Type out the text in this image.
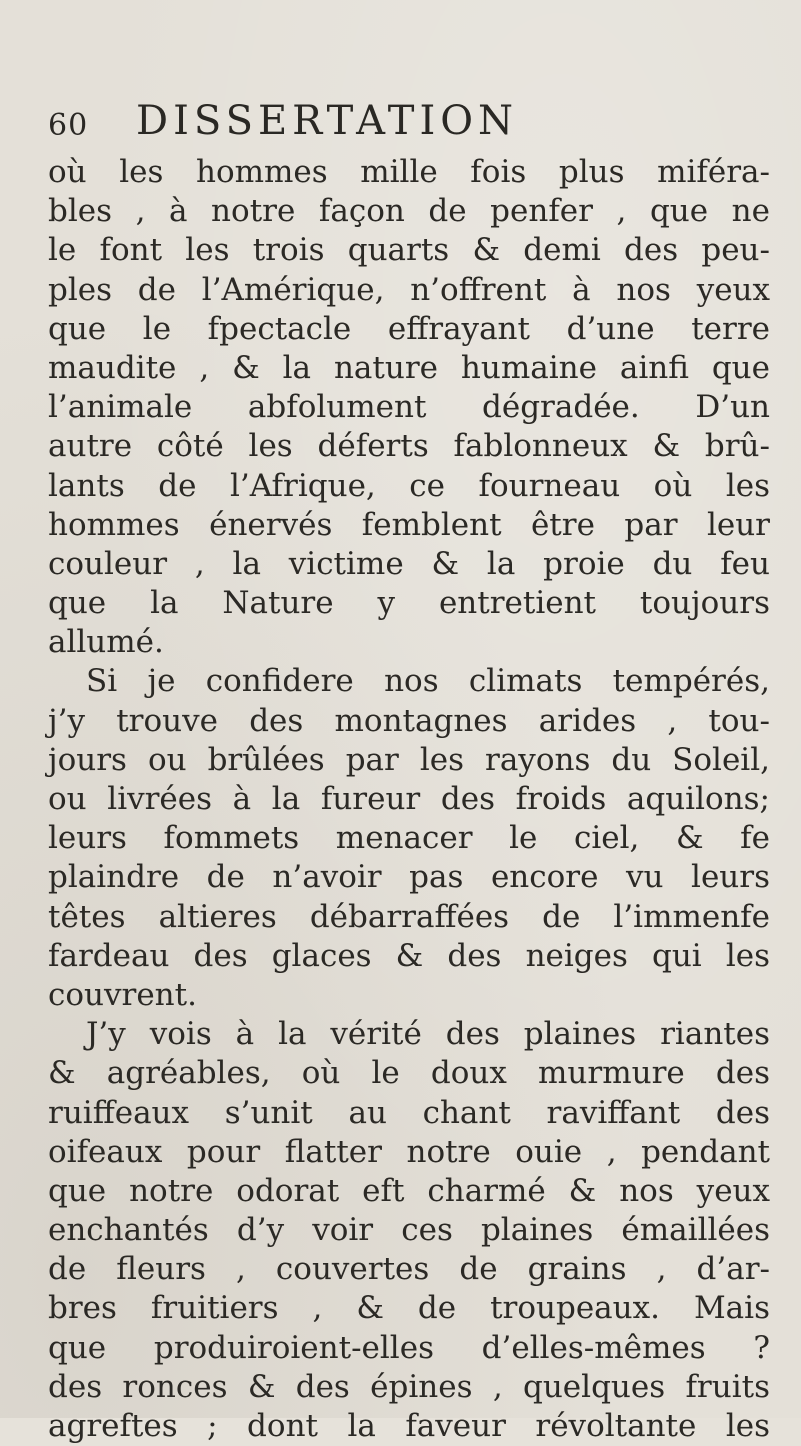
60 DISSERTATION
où les hommes mille fois plus miféra-
bles , à notre façon de penfer , que ne
le font les trois quarts & demi des peu-
ples de l’Amérique, n’offrent à nos yeux
que le fpectacle effrayant d’une terre
maudite , & la nature humaine ainfi que
l’animale abfolument dégradée. D’un
autre côté les déferts fablonneux & brû-
lants de l’Afrique, ce fourneau où les
hommes énervés femblent être par leur
couleur , la victime & la proie du feu
que la Nature y entretient toujours
allumé.
Si je confidere nos climats tempérés,
j’y trouve des montagnes arides , tou-
jours ou brûlées par les rayons du Soleil,
ou livrées à la fureur des froids aquilons;
leurs fommets menacer le ciel, & fe
plaindre de n’avoir pas encore vu leurs
têtes altieres débarraffées de l’immenfe
fardeau des glaces & des neiges qui les
couvrent.
J’y vois à la vérité des plaines riantes
& agréables, où le doux murmure des
ruiffeaux s’unit au chant raviffant des
oifeaux pour flatter notre ouie , pendant
que notre odorat eft charmé & nos yeux
enchantés d’y voir ces plaines émaillées
de fleurs , couvertes de grains , d’ar-
bres fruitiers , & de troupeaux. Mais
que produiroient-elles d’elles-mêmes ?
des ronces & des épines , quelques fruits
agreftes ; dont la faveur révoltante les
